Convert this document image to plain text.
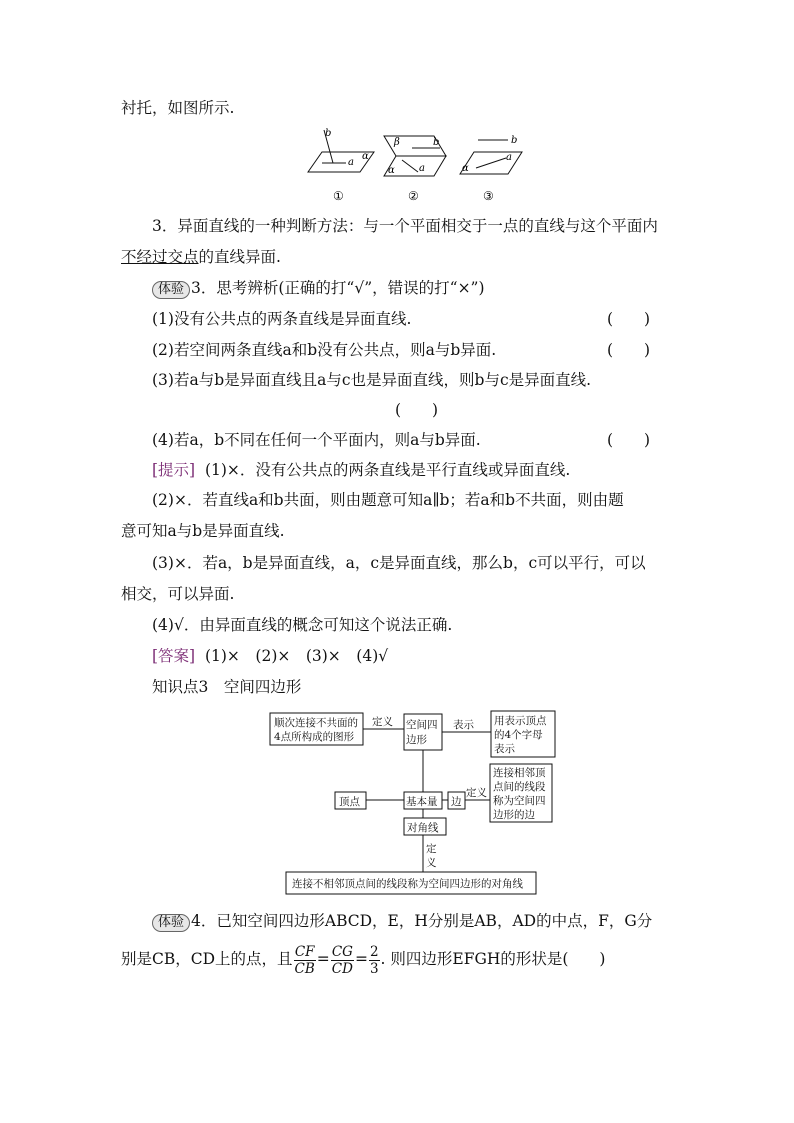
衬托，如图所示.
b
a
α
①
β	b
a
α
②
b
a
α
③
3．异面直线的一种判断方法：与一个平面相交于一点的直线与这个平面内
不经过交点的直线异面.
体验 3．思考辨析(正确的打“√”，错误的打“×”)
(1)没有公共点的两条直线是异面直线.	(　　)
(2)若空间两条直线a和b没有公共点，则a与b异面.	(　　)
(3)若a与b是异面直线且a与c也是异面直线，则b与c是异面直线.
(　　)
(4)若a，b不同在任何一个平面内，则a与b异面.	(　　)
[提示] (1)×．没有公共点的两条直线是平行直线或异面直线.
(2)×．若直线a和b共面，则由题意可知a∥b；若a和b不共面，则由题
意可知a与b是异面直线.
(3)×．若a，b是异面直线，a，c是异面直线，那么b，c可以平行，可以
相交，可以异面.
(4)√．由异面直线的概念可知这个说法正确.
[答案] (1)×　(2)×　(3)×　(4)√
知识点3　空间四边形
顺次连接不共面的
4点所构成的图形
定义 空间四
边形
表示 用表示顶点
的4个字母
表示
顶点	基本量 边
定义
连接相邻顶
点间的线段
称为空间四
边形的边
对角线
定
义
连接不相邻顶点间的线段称为空间四边形的对角线
体验 4．已知空间四边形ABCD，E，H分别是AB，AD的中点，F，G分
别是CB，CD上的点，且 $\frac{CF}{CB} = \frac{CG}{CD} = \frac{2}{3}$ . 则四边形EFGH的形状是(　　)
